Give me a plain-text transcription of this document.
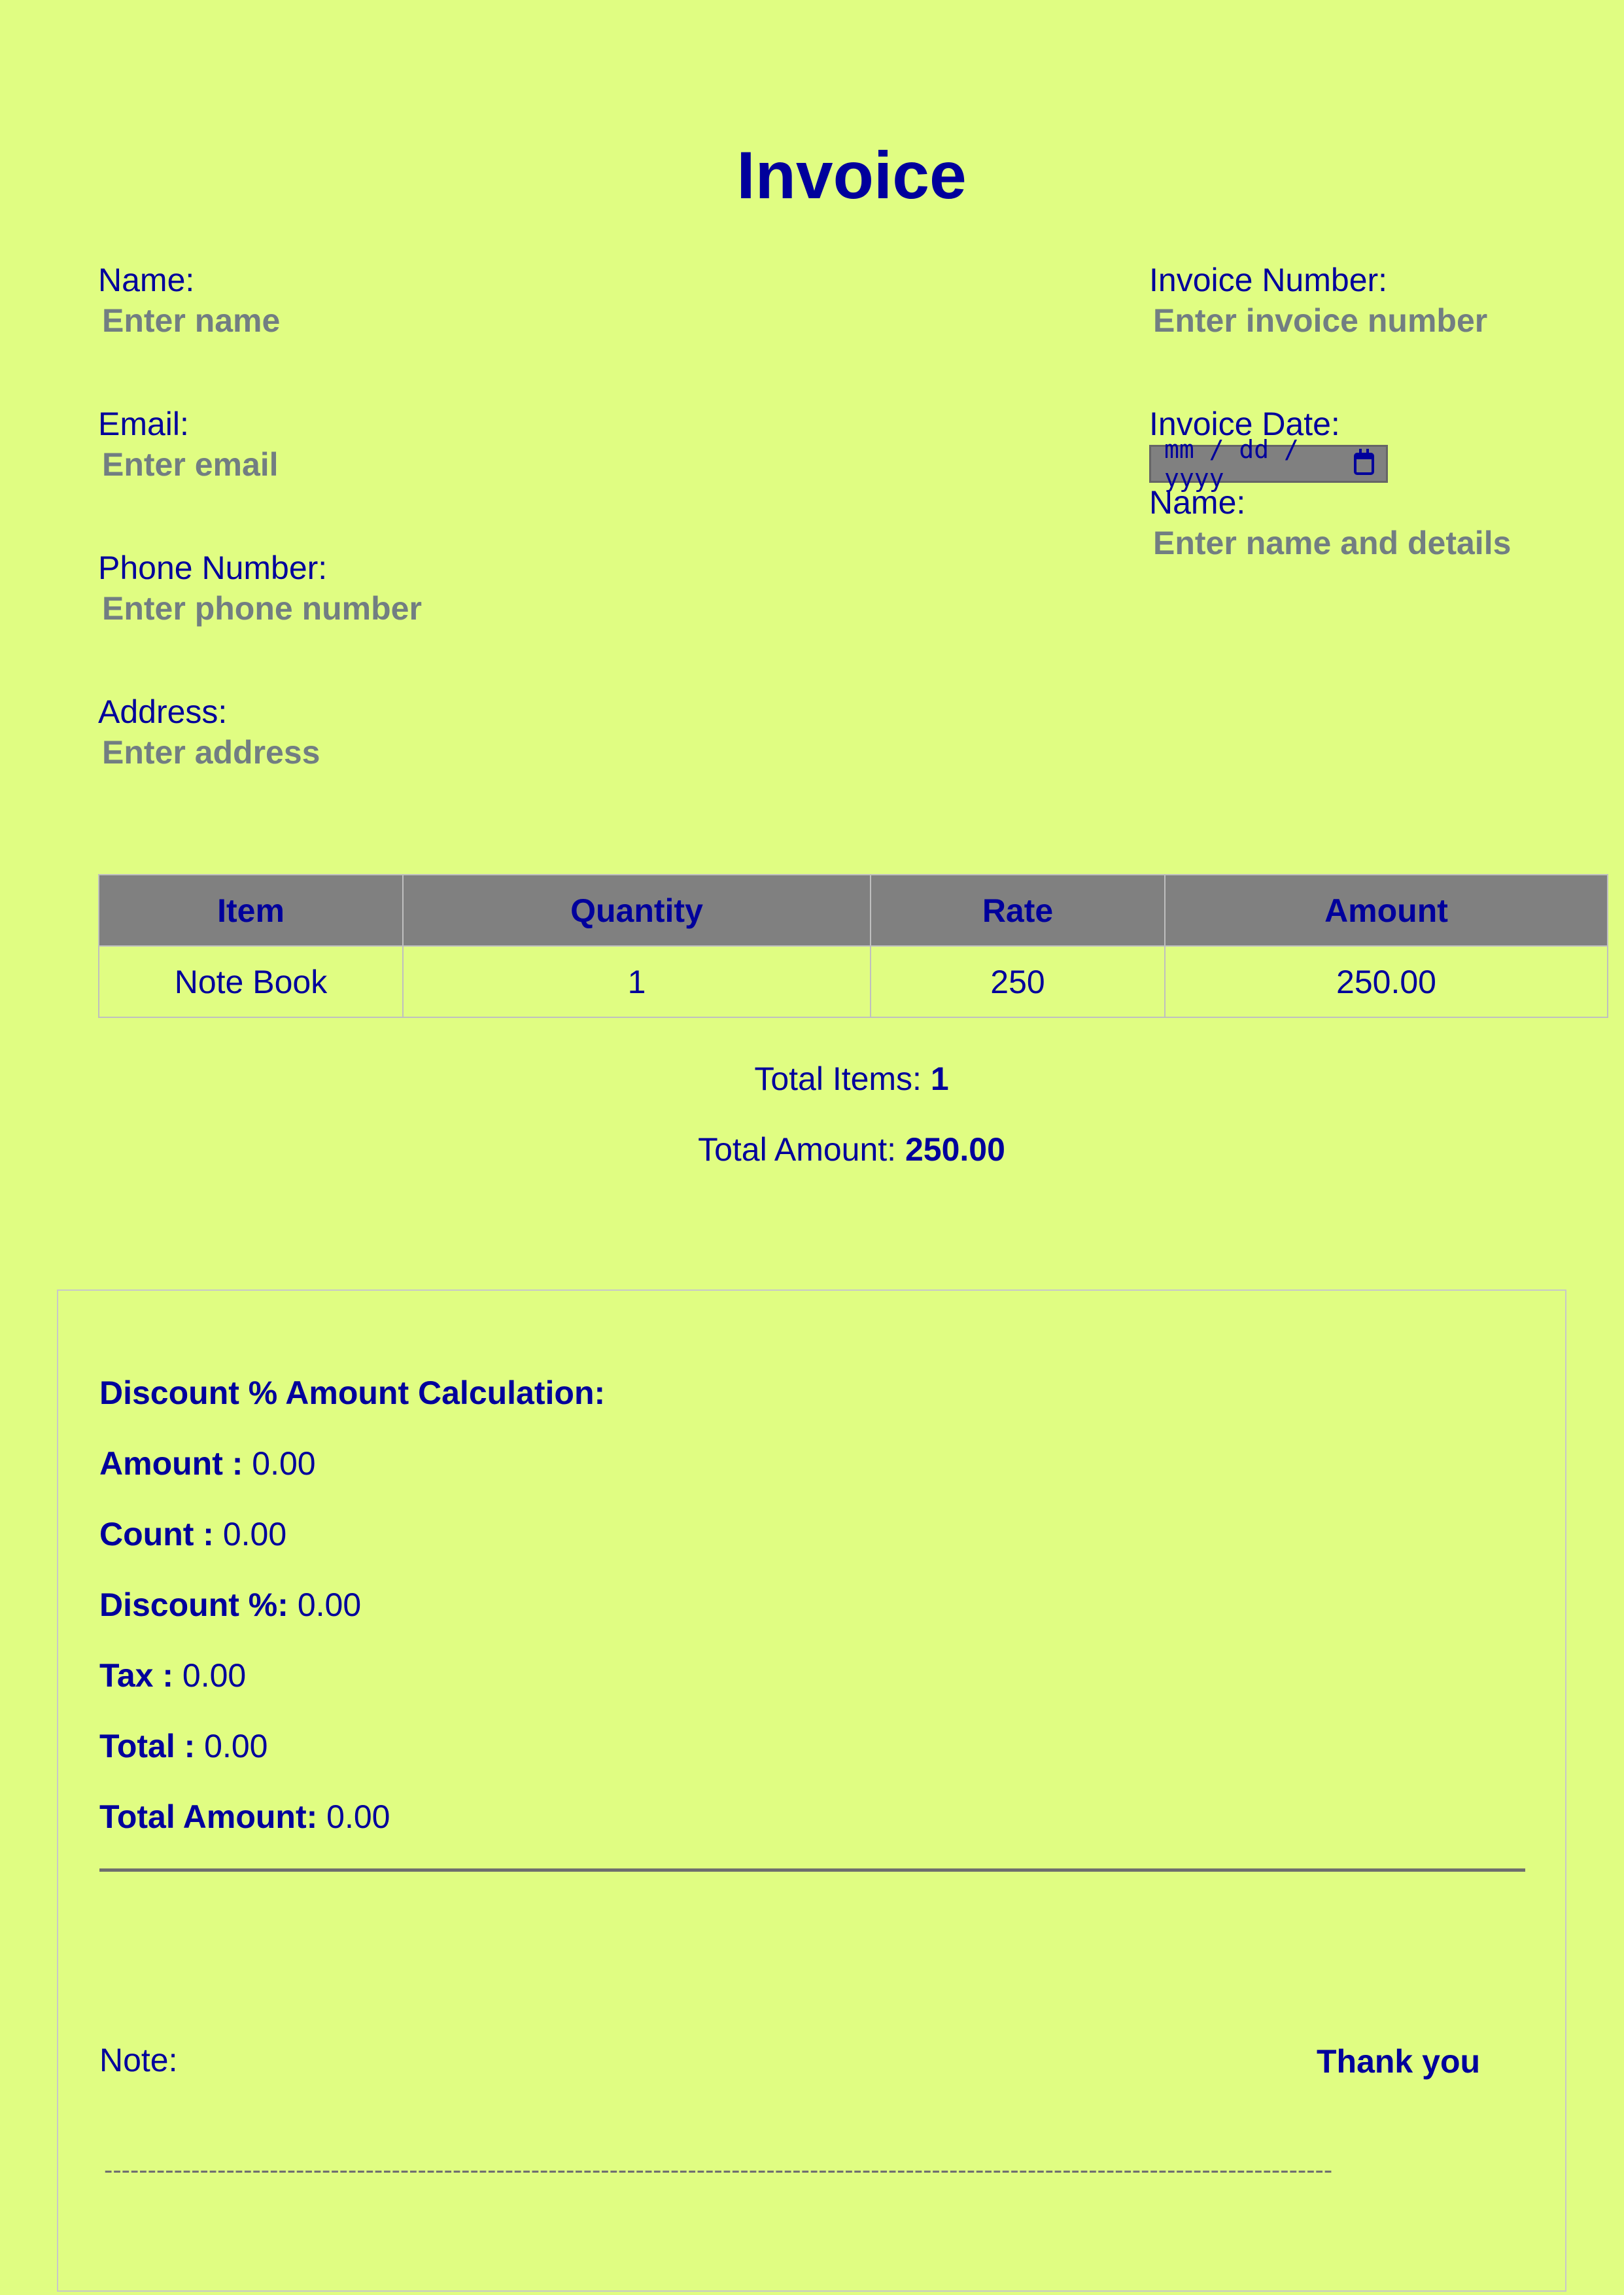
Invoice
Name:
Enter name
Email:
Enter email
Phone Number:
Enter phone number
Address:
Enter address
Invoice Number:
Enter invoice number
Invoice Date:
mm / dd / yyyy
Name:
Enter name and details
Item	Quantity	Rate	Amount
Note Book	1	250	250.00
Total Items: 1
Total Amount: 250.00

Discount % Amount Calculation:

Amount : 0.00

Count : 0.00

Discount %: 0.00

Tax : 0.00

Total : 0.00

Total Amount: 0.00

Note:	Thank you
---------------------------------------------------------------------------------------------------------------------------------------------
